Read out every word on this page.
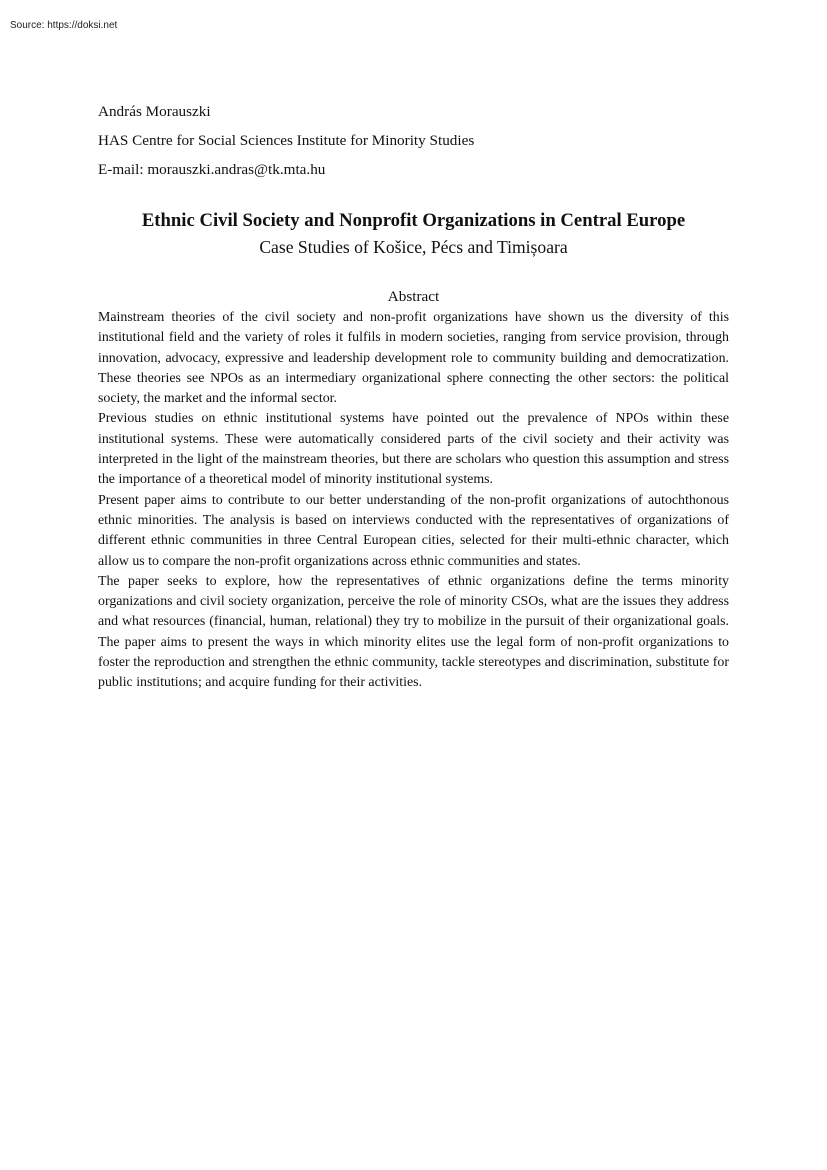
Source: https://doksi.net
András Morauszki
HAS Centre for Social Sciences Institute for Minority Studies
E-mail: morauszki.andras@tk.mta.hu
Ethnic Civil Society and Nonprofit Organizations in Central Europe
Case Studies of Košice, Pécs and Timișoara
Abstract

Mainstream theories of the civil society and non-profit organizations have shown us the diversity of this institutional field and the variety of roles it fulfils in modern societies, ranging from service provision, through innovation, advocacy, expressive and leadership development role to community building and democratization. These theories see NPOs as an intermediary organizational sphere connecting the other sectors: the political society, the market and the informal sector.

Previous studies on ethnic institutional systems have pointed out the prevalence of NPOs within these institutional systems. These were automatically considered parts of the civil society and their activity was interpreted in the light of the mainstream theories, but there are scholars who question this assumption and stress the importance of a theoretical model of minority institutional systems.

Present paper aims to contribute to our better understanding of the non-profit organizations of autochthonous ethnic minorities. The analysis is based on interviews conducted with the representatives of organizations of different ethnic communities in three Central European cities, selected for their multi-ethnic character, which allow us to compare the non-profit organizations across ethnic communities and states.

The paper seeks to explore, how the representatives of ethnic organizations define the terms minority organizations and civil society organization, perceive the role of minority CSOs, what are the issues they address and what resources (financial, human, relational) they try to mobilize in the pursuit of their organizational goals. The paper aims to present the ways in which minority elites use the legal form of non-profit organizations to foster the reproduction and strengthen the ethnic community, tackle stereotypes and discrimination, substitute for public institutions; and acquire funding for their activities.
